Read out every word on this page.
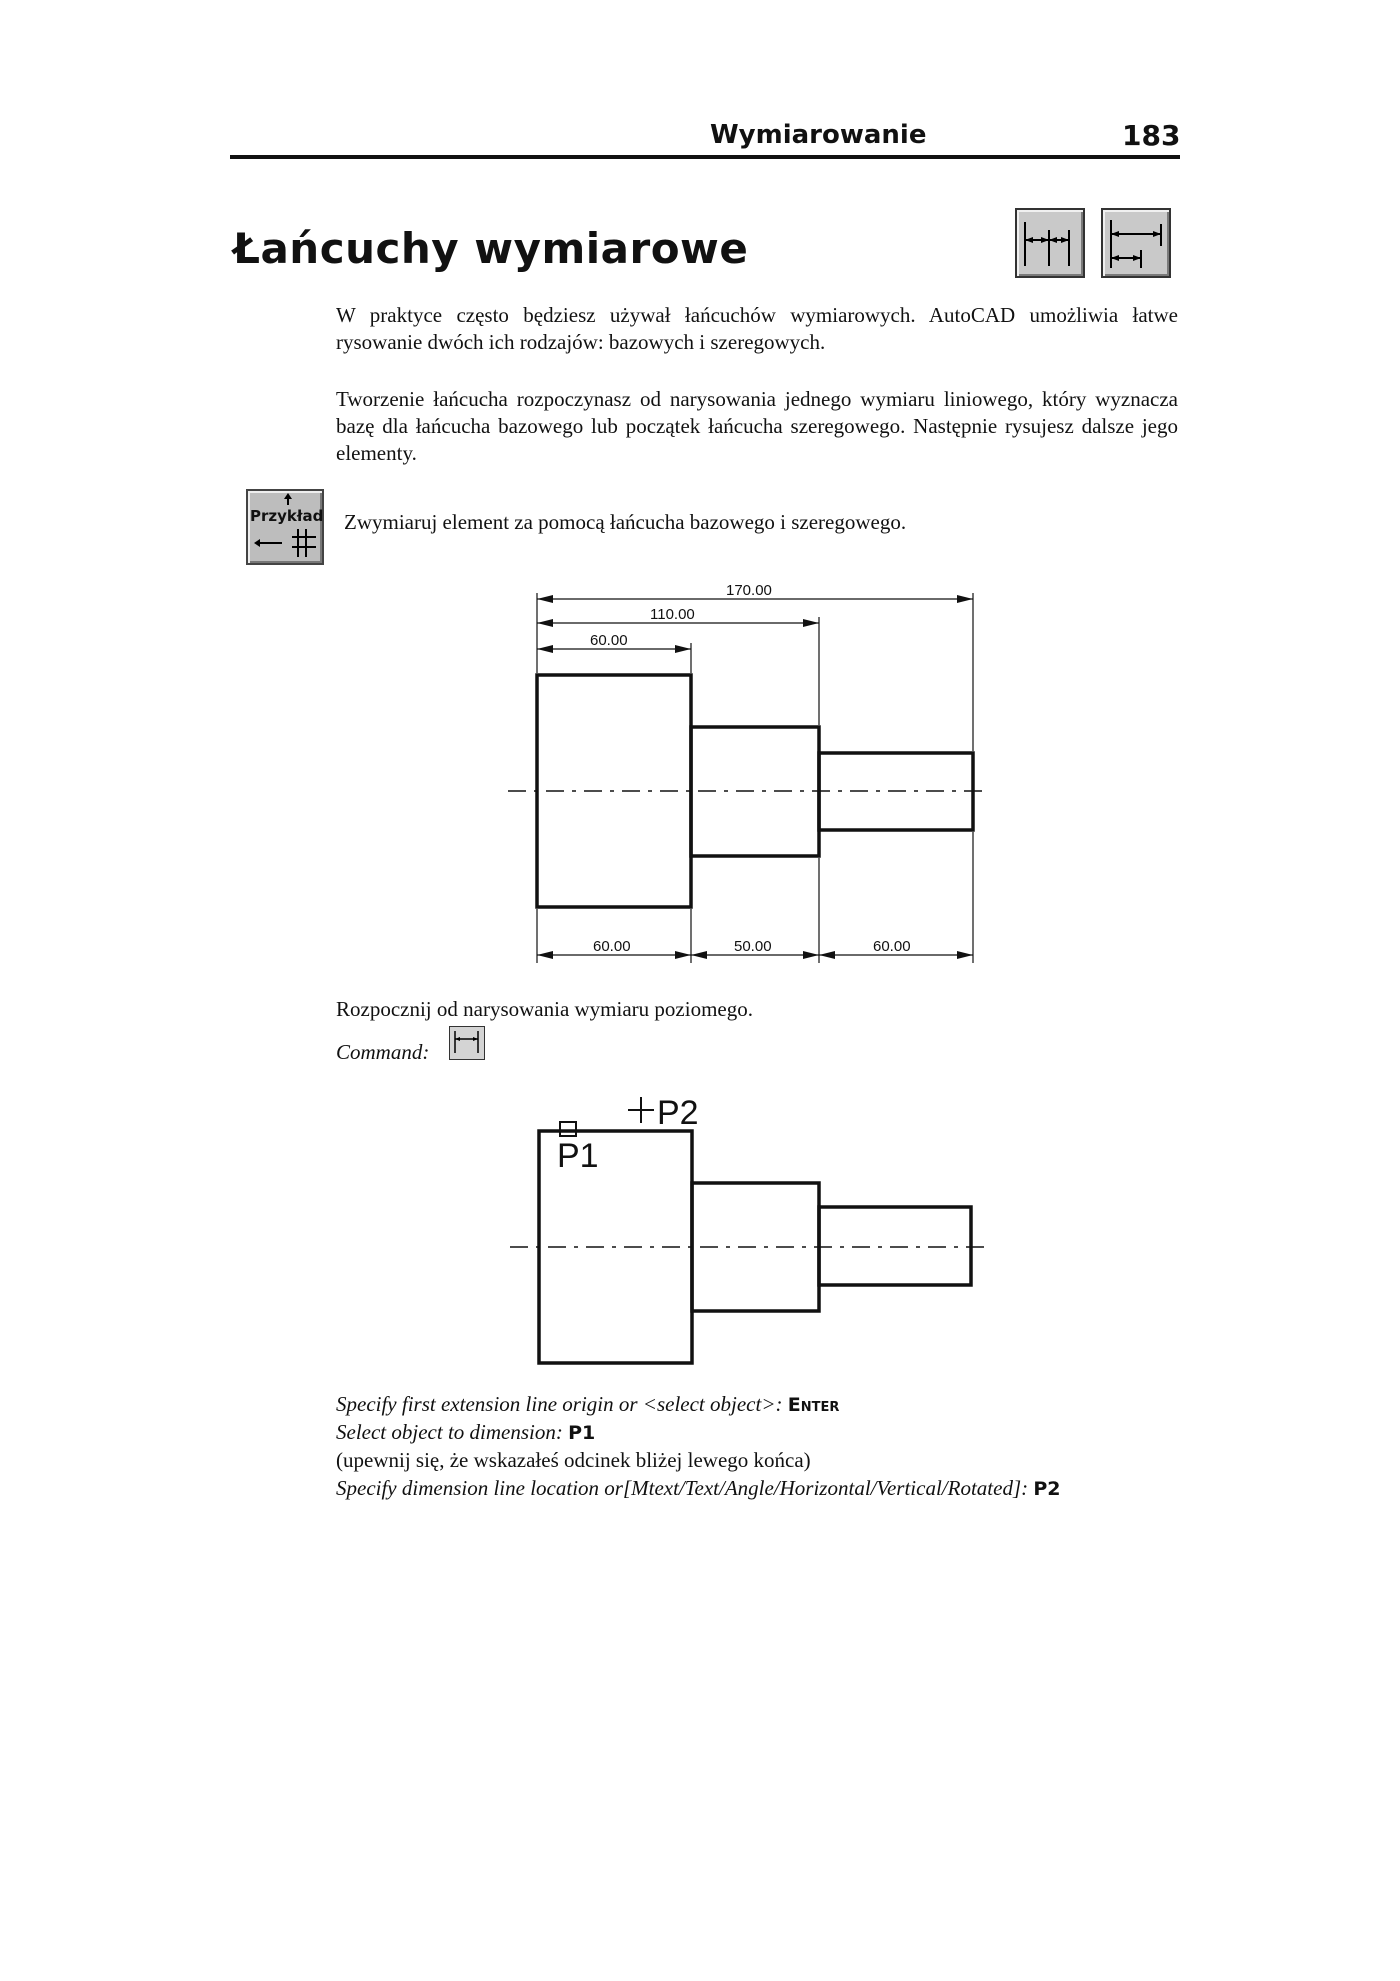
Wymiarowanie	183
Łańcuchy wymiarowe
W praktyce często będziesz używał łańcuchów wymiarowych. AutoCAD umożliwia łatwe rysowanie dwóch ich rodzajów: bazowych i szeregowych.
Tworzenie łańcucha rozpoczynasz od narysowania jednego wymiaru liniowego, który wyznacza bazę dla łańcucha bazowego lub początek łańcucha szeregowego. Następnie rysujesz dalsze jego elementy.
Przykład Zwymiaruj element za pomocą łańcucha bazowego i szeregowego.
170.00
110.00
60.00
60.00	50.00	60.00
Rozpocznij od narysowania wymiaru poziomego.
Command:
P1
P2
Specify first extension line origin or <select object>: Enter
Select object to dimension: P1
(upewnij się, że wskazałeś odcinek bliżej lewego końca)
Specify dimension line location or[Mtext/Text/Angle/Horizontal/Vertical/Rotated]: P2
